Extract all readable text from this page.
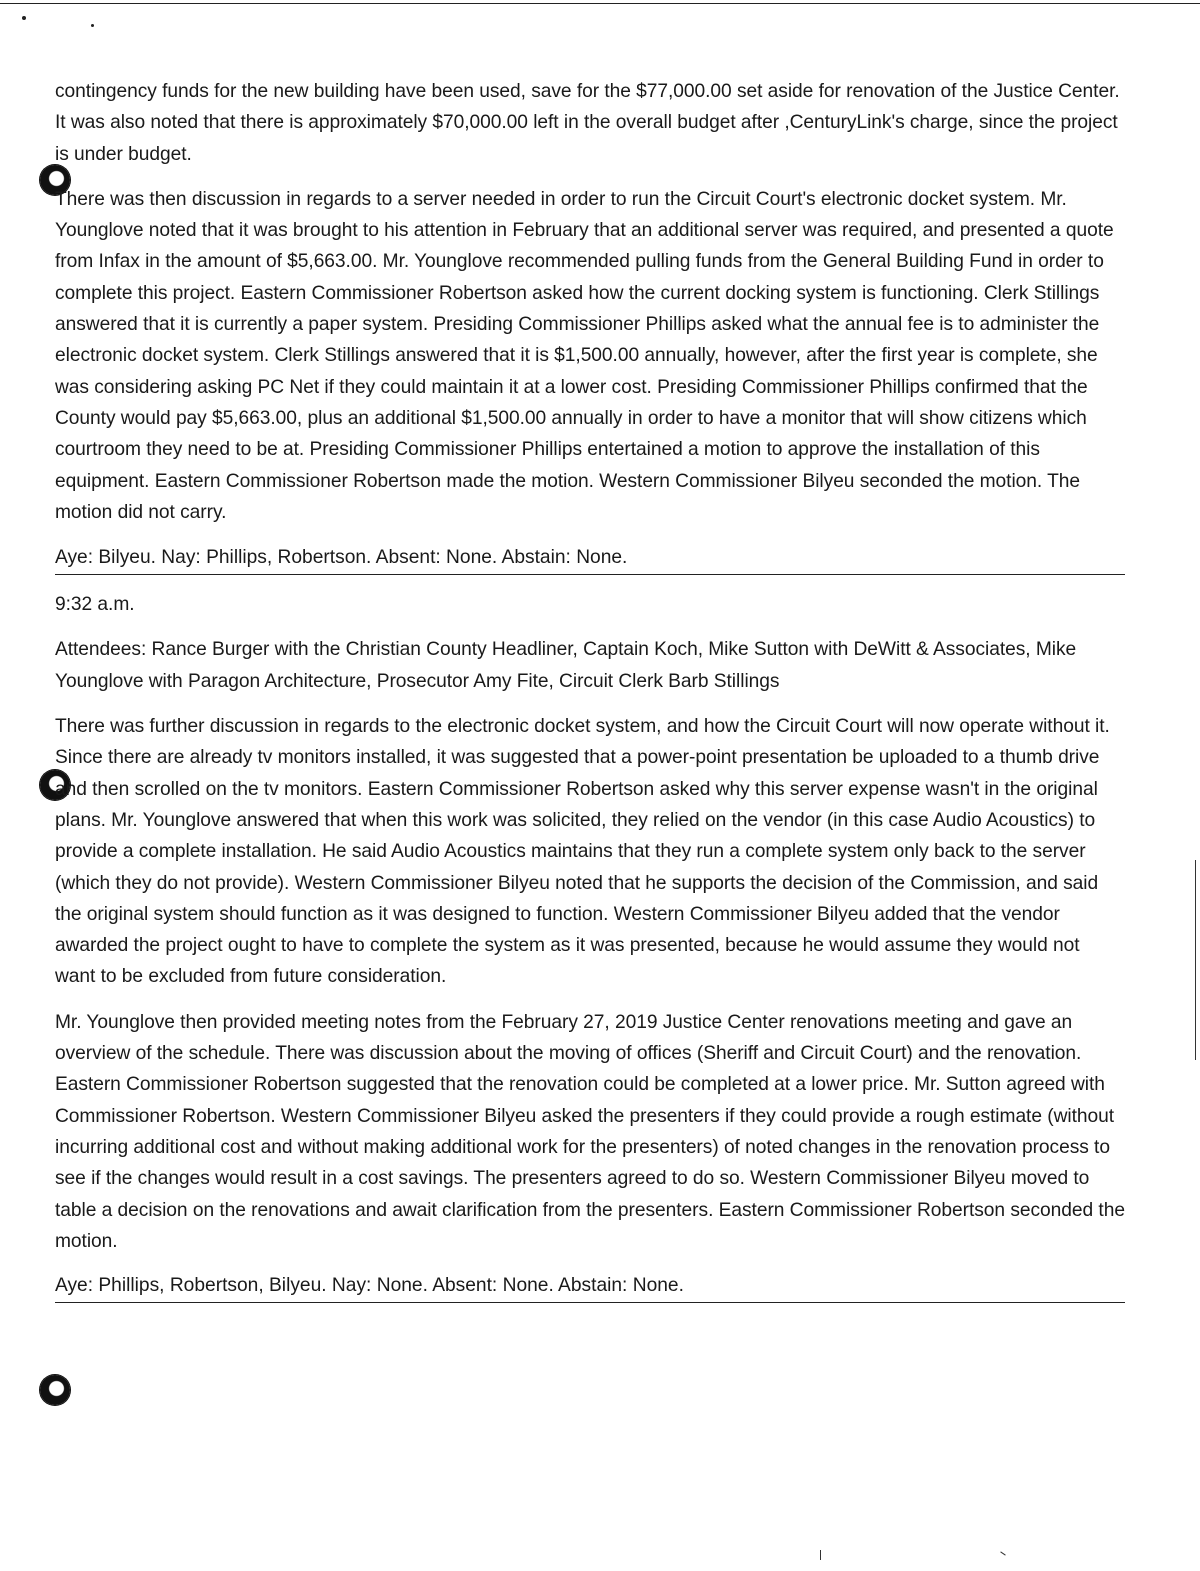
contingency funds for the new building have been used, save for the $77,000.00 set aside for renovation of the Justice Center. It was also noted that there is approximately $70,000.00 left in the overall budget after ,CenturyLink's charge, since the project is under budget.

There was then discussion in regards to a server needed in order to run the Circuit Court's electronic docket system. Mr. Younglove noted that it was brought to his attention in February that an additional server was required, and presented a quote from Infax in the amount of $5,663.00. Mr. Younglove recommended pulling funds from the General Building Fund in order to complete this project. Eastern Commissioner Robertson asked how the current docking system is functioning. Clerk Stillings answered that it is currently a paper system. Presiding Commissioner Phillips asked what the annual fee is to administer the electronic docket system. Clerk Stillings answered that it is $1,500.00 annually, however, after the first year is complete, she was considering asking PC Net if they could maintain it at a lower cost. Presiding Commissioner Phillips confirmed that the County would pay $5,663.00, plus an additional $1,500.00 annually in order to have a monitor that will show citizens which courtroom they need to be at. Presiding Commissioner Phillips entertained a motion to approve the installation of this equipment. Eastern Commissioner Robertson made the motion. Western Commissioner Bilyeu seconded the motion. The motion did not carry.

Aye: Bilyeu. Nay: Phillips, Robertson. Absent: None. Abstain: None.

9:32 a.m.

Attendees: Rance Burger with the Christian County Headliner, Captain Koch, Mike Sutton with DeWitt & Associates, Mike Younglove with Paragon Architecture, Prosecutor Amy Fite, Circuit Clerk Barb Stillings

There was further discussion in regards to the electronic docket system, and how the Circuit Court will now operate without it. Since there are already tv monitors installed, it was suggested that a power-point presentation be uploaded to a thumb drive and then scrolled on the tv monitors. Eastern Commissioner Robertson asked why this server expense wasn't in the original plans. Mr. Younglove answered that when this work was solicited, they relied on the vendor (in this case Audio Acoustics) to provide a complete installation. He said Audio Acoustics maintains that they run a complete system only back to the server (which they do not provide). Western Commissioner Bilyeu noted that he supports the decision of the Commission, and said the original system should function as it was designed to function. Western Commissioner Bilyeu added that the vendor awarded the project ought to have to complete the system as it was presented, because he would assume they would not want to be excluded from future consideration.

Mr. Younglove then provided meeting notes from the February 27, 2019 Justice Center renovations meeting and gave an overview of the schedule. There was discussion about the moving of offices (Sheriff and Circuit Court) and the renovation. Eastern Commissioner Robertson suggested that the renovation could be completed at a lower price. Mr. Sutton agreed with Commissioner Robertson. Western Commissioner Bilyeu asked the presenters if they could provide a rough estimate (without incurring additional cost and without making additional work for the presenters) of noted changes in the renovation process to see if the changes would result in a cost savings. The presenters agreed to do so. Western Commissioner Bilyeu moved to table a decision on the renovations and await clarification from the presenters. Eastern Commissioner Robertson seconded the motion.

Aye: Phillips, Robertson, Bilyeu. Nay: None. Absent: None. Abstain: None.
